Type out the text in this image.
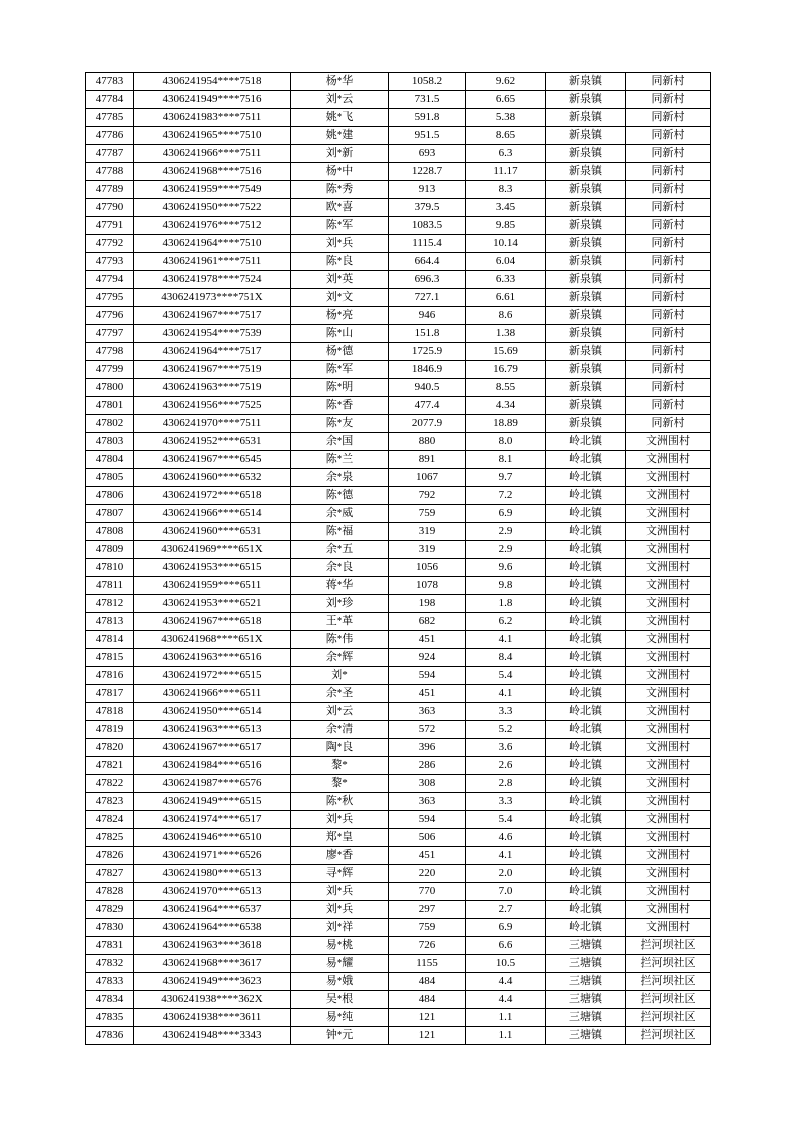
47783	4306241954****7518	杨*华	1058.2	9.62	新泉镇	同新村
47784	4306241949****7516	刘*云	731.5	6.65	新泉镇	同新村
47785	4306241983****7511	姚*飞	591.8	5.38	新泉镇	同新村
47786	4306241965****7510	姚*建	951.5	8.65	新泉镇	同新村
47787	4306241966****7511	刘*新	693	6.3	新泉镇	同新村
47788	4306241968****7516	杨*中	1228.7	11.17	新泉镇	同新村
47789	4306241959****7549	陈*秀	913	8.3	新泉镇	同新村
47790	4306241950****7522	欧*喜	379.5	3.45	新泉镇	同新村
47791	4306241976****7512	陈*军	1083.5	9.85	新泉镇	同新村
47792	4306241964****7510	刘*兵	1115.4	10.14	新泉镇	同新村
47793	4306241961****7511	陈*良	664.4	6.04	新泉镇	同新村
47794	4306241978****7524	刘*英	696.3	6.33	新泉镇	同新村
47795	4306241973****751X	刘*文	727.1	6.61	新泉镇	同新村
47796	4306241967****7517	杨*亮	946	8.6	新泉镇	同新村
47797	4306241954****7539	陈*山	151.8	1.38	新泉镇	同新村
47798	4306241964****7517	杨*德	1725.9	15.69	新泉镇	同新村
47799	4306241967****7519	陈*军	1846.9	16.79	新泉镇	同新村
47800	4306241963****7519	陈*明	940.5	8.55	新泉镇	同新村
47801	4306241956****7525	陈*香	477.4	4.34	新泉镇	同新村
47802	4306241970****7511	陈*友	2077.9	18.89	新泉镇	同新村
47803	4306241952****6531	余*国	880	8.0	岭北镇	文洲围村
47804	4306241967****6545	陈*兰	891	8.1	岭北镇	文洲围村
47805	4306241960****6532	余*泉	1067	9.7	岭北镇	文洲围村
47806	4306241972****6518	陈*德	792	7.2	岭北镇	文洲围村
47807	4306241966****6514	余*威	759	6.9	岭北镇	文洲围村
47808	4306241960****6531	陈*福	319	2.9	岭北镇	文洲围村
47809	4306241969****651X	余*五	319	2.9	岭北镇	文洲围村
47810	4306241953****6515	余*良	1056	9.6	岭北镇	文洲围村
47811	4306241959****6511	蒋*华	1078	9.8	岭北镇	文洲围村
47812	4306241953****6521	刘*珍	198	1.8	岭北镇	文洲围村
47813	4306241967****6518	王*革	682	6.2	岭北镇	文洲围村
47814	4306241968****651X	陈*伟	451	4.1	岭北镇	文洲围村
47815	4306241963****6516	余*辉	924	8.4	岭北镇	文洲围村
47816	4306241972****6515	刘*	594	5.4	岭北镇	文洲围村
47817	4306241966****6511	余*圣	451	4.1	岭北镇	文洲围村
47818	4306241950****6514	刘*云	363	3.3	岭北镇	文洲围村
47819	4306241963****6513	余*清	572	5.2	岭北镇	文洲围村
47820	4306241967****6517	陶*良	396	3.6	岭北镇	文洲围村
47821	4306241984****6516	黎*	286	2.6	岭北镇	文洲围村
47822	4306241987****6576	黎*	308	2.8	岭北镇	文洲围村
47823	4306241949****6515	陈*秋	363	3.3	岭北镇	文洲围村
47824	4306241974****6517	刘*兵	594	5.4	岭北镇	文洲围村
47825	4306241946****6510	郑*皇	506	4.6	岭北镇	文洲围村
47826	4306241971****6526	廖*香	451	4.1	岭北镇	文洲围村
47827	4306241980****6513	寻*辉	220	2.0	岭北镇	文洲围村
47828	4306241970****6513	刘*兵	770	7.0	岭北镇	文洲围村
47829	4306241964****6537	刘*兵	297	2.7	岭北镇	文洲围村
47830	4306241964****6538	刘*祥	759	6.9	岭北镇	文洲围村
47831	4306241963****3618	易*桃	726	6.6	三塘镇	拦河坝社区
47832	4306241968****3617	易*耀	1155	10.5	三塘镇	拦河坝社区
47833	4306241949****3623	易*娥	484	4.4	三塘镇	拦河坝社区
47834	4306241938****362X	吴*根	484	4.4	三塘镇	拦河坝社区
47835	4306241938****3611	易*纯	121	1.1	三塘镇	拦河坝社区
47836	4306241948****3343	钟*元	121	1.1	三塘镇	拦河坝社区
